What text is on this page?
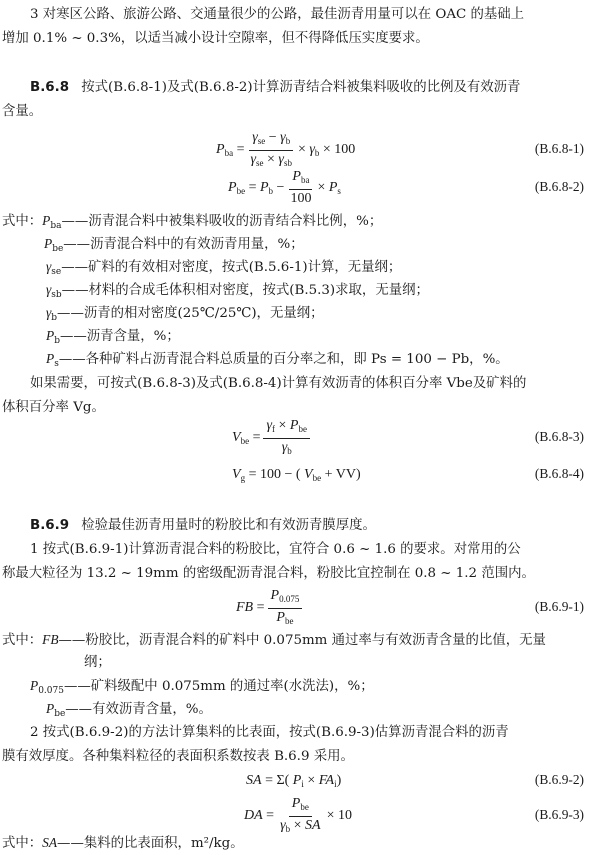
3 对寒区公路、旅游公路、交通量很少的公路，最佳沥青用量可以在 OAC 的基础上
增加 0.1% ~ 0.3%，以适当减小设计空隙率，但不得降低压实度要求。
B.6.8 按式(B.6.8-1)及式(B.6.8-2)计算沥青结合料被集料吸收的比例及有效沥青
含量。
$P_{ba} = \frac{\gamma_{se} - \gamma_b}{\gamma_{se} \times \gamma_{sb}} \times \gamma_b \times 100$	(B.6.8-1)
$P_{be} = P_b - \frac{P_{ba}}{100} \times P_s$	(B.6.8-2)
式中：$P_{ba}——$沥青混合料中被集料吸收的沥青结合料比例，%；
$P_{be}——$沥青混合料中的有效沥青用量，%；
$\gamma_{se}——$矿料的有效相对密度，按式(B.5.6-1)计算，无量纲；
$\gamma_{sb}——$材料的合成毛体积相对密度，按式(B.5.3)求取，无量纲；
$\gamma_b——$沥青的相对密度(25℃/25℃)，无量纲；
$P_b——$沥青含量，%；
$P_s——$各种矿料占沥青混合料总质量的百分率之和，即 Ps = 100 − Pb，%。
如果需要，可按式(B.6.8-3)及式(B.6.8-4)计算有效沥青的体积百分率 Vbe及矿料的
体积百分率 Vg。
$V_{be} = \frac{\gamma_f \times P_{be}}{\gamma_b}$	(B.6.8-3)
$V_g = 100$ − ( $V_{be} + VV$)	(B.6.8-4)
B.6.9 检验最佳沥青用量时的粉胶比和有效沥青膜厚度。
1 按式(B.6.9-1)计算沥青混合料的粉胶比，宜符合 0.6 ~ 1.6 的要求。对常用的公
称最大粒径为 13.2 ~ 19mm 的密级配沥青混合料，粉胶比宜控制在 0.8 ~ 1.2 范围内。
FB = $\frac{P_{0.075}}{P_{be}}$	(B.6.9-1)
式中：FB——粉胶比，沥青混合料的矿料中 0.075mm 通过率与有效沥青含量的比值，无量
纲；
$P_{0.075}——$矿料级配中 0.075mm 的通过率(水洗法)，%；
$P_{be}——$有效沥青含量，%。
2 按式(B.6.9-2)的方法计算集料的比表面，按式(B.6.9-3)估算沥青混合料的沥青
膜有效厚度。各种集料粒径的表面积系数按表 B.6.9 采用。
SA = Σ( $P_i \times FA_i$)	(B.6.9-2)
DA = $\frac{P_{be}}{\gamma_b \times SA} \times 10$	(B.6.9-3)
式中：SA——集料的比表面积，m²/kg。
